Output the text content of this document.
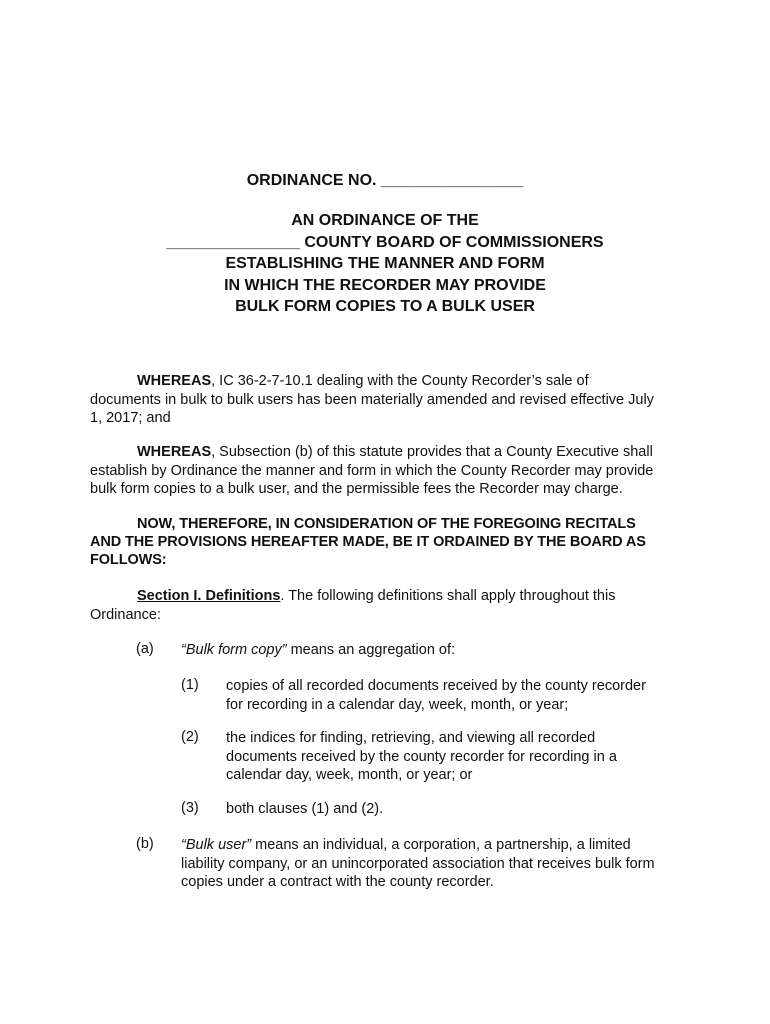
ORDINANCE NO. ________________
AN ORDINANCE OF THE
_______________ COUNTY BOARD OF COMMISSIONERS
ESTABLISHING THE MANNER AND FORM
IN WHICH THE RECORDER MAY PROVIDE
BULK FORM COPIES TO A BULK USER
WHEREAS, IC 36-2-7-10.1 dealing with the County Recorder’s sale of
documents in bulk to bulk users has been materially amended and revised effective July
1, 2017; and
WHEREAS, Subsection (b) of this statute provides that a County Executive shall
establish by Ordinance the manner and form in which the County Recorder may provide
bulk form copies to a bulk user, and the permissible fees the Recorder may charge.
NOW, THEREFORE, IN CONSIDERATION OF THE FOREGOING RECITALS
AND THE PROVISIONS HEREAFTER MADE, BE IT ORDAINED BY THE BOARD AS
FOLLOWS:
Section I. Definitions. The following definitions shall apply throughout this
Ordinance:
(a) “Bulk form copy” means an aggregation of:
(1) copies of all recorded documents received by the county recorder
for recording in a calendar day, week, month, or year;
(2) the indices for finding, retrieving, and viewing all recorded
documents received by the county recorder for recording in a
calendar day, week, month, or year; or
(3) both clauses (1) and (2).
(b) “Bulk user” means an individual, a corporation, a partnership, a limited
liability company, or an unincorporated association that receives bulk form
copies under a contract with the county recorder.
